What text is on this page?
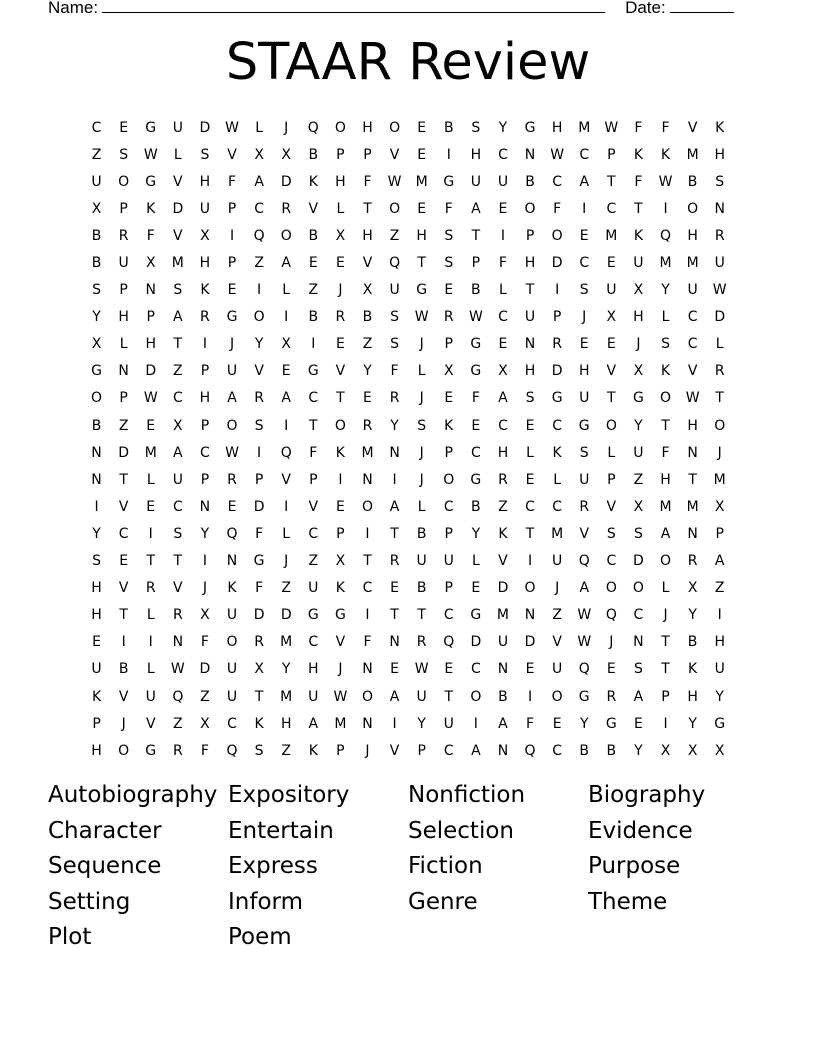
Name:	Date:
STAAR Review
C	E	G	U	D	W	L	J	Q	O	H	O	E	B	S	Y	G	H	M	W	F	F	V	K
Z	S	W	L	S	V	X	X	B	P	P	V	E	I	H	C	N	W	C	P	K	K	M	H
U	O	G	V	H	F	A	D	K	H	F	W	M	G	U	U	B	C	A	T	F	W	B	S
X	P	K	D	U	P	C	R	V	L	T	O	E	F	A	E	O	F	I	C	T	I	O	N
B	R	F	V	X	I	Q	O	B	X	H	Z	H	S	T	I	P	O	E	M	K	Q	H	R
B	U	X	M	H	P	Z	A	E	E	V	Q	T	S	P	F	H	D	C	E	U	M	M	U
S	P	N	S	K	E	I	L	Z	J	X	U	G	E	B	L	T	I	S	U	X	Y	U	W
Y	H	P	A	R	G	O	I	B	R	B	S	W	R	W	C	U	P	J	X	H	L	C	D
X	L	H	T	I	J	Y	X	I	E	Z	S	J	P	G	E	N	R	E	E	J	S	C	L
G	N	D	Z	P	U	V	E	G	V	Y	F	L	X	G	X	H	D	H	V	X	K	V	R
O	P	W	C	H	A	R	A	C	T	E	R	J	E	F	A	S	G	U	T	G	O	W	T
B	Z	E	X	P	O	S	I	T	O	R	Y	S	K	E	C	E	C	G	O	Y	T	H	O
N	D	M	A	C	W	I	Q	F	K	M	N	J	P	C	H	L	K	S	L	U	F	N	J
N	T	L	U	P	R	P	V	P	I	N	I	J	O	G	R	E	L	U	P	Z	H	T	M
I	V	E	C	N	E	D	I	V	E	O	A	L	C	B	Z	C	C	R	V	X	M	M	X
Y	C	I	S	Y	Q	F	L	C	P	I	T	B	P	Y	K	T	M	V	S	S	A	N	P
S	E	T	T	I	N	G	J	Z	X	T	R	U	U	L	V	I	U	Q	C	D	O	R	A
H	V	R	V	J	K	F	Z	U	K	C	E	B	P	E	D	O	J	A	O	O	L	X	Z
H	T	L	R	X	U	D	D	G	G	I	T	T	C	G	M	N	Z	W	Q	C	J	Y	I
E	I	I	N	F	O	R	M	C	V	F	N	R	Q	D	U	D	V	W	J	N	T	B	H
U	B	L	W	D	U	X	Y	H	J	N	E	W	E	C	N	E	U	Q	E	S	T	K	U
K	V	U	Q	Z	U	T	M	U	W	O	A	U	T	O	B	I	O	G	R	A	P	H	Y
P	J	V	Z	X	C	K	H	A	M	N	I	Y	U	I	A	F	E	Y	G	E	I	Y	G
H	O	G	R	F	Q	S	Z	K	P	J	V	P	C	A	N	Q	C	B	B	Y	X	X	X
Autobiography Expository	Nonfiction	Biography
Character	Entertain	Selection	Evidence
Sequence	Express	Fiction	Purpose
Setting	Inform	Genre	Theme
Plot	Poem
